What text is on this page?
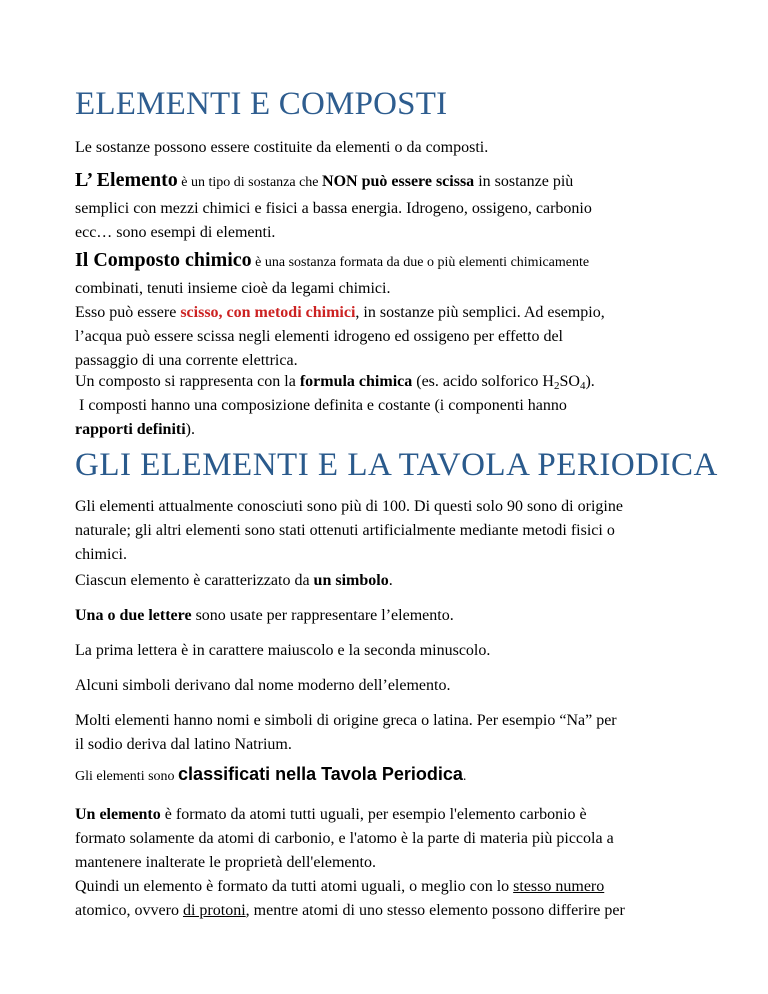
ELEMENTI E COMPOSTI

Le sostanze possono essere costituite da elementi o da composti.

L’ Elemento è un tipo di sostanza che NON può essere scissa in sostanze più
semplici con mezzi chimici e fisici a bassa energia. Idrogeno, ossigeno, carbonio
ecc… sono esempi di elementi.
Il Composto chimico è una sostanza formata da due o più elementi chimicamente
combinati, tenuti insieme cioè da legami chimici.
Esso può essere scisso, con metodi chimici, in sostanze più semplici. Ad esempio,
l’acqua può essere scissa negli elementi idrogeno ed ossigeno per effetto del
passaggio di una corrente elettrica.
Un composto si rappresenta con la formula chimica (es. acido solforico $H_2SO_4$).
I composti hanno una composizione definita e costante (i componenti hanno
rapporti definiti).
GLI ELEMENTI E LA TAVOLA PERIODICA
Gli elementi attualmente conosciuti sono più di 100. Di questi solo 90 sono di origine
naturale; gli altri elementi sono stati ottenuti artificialmente mediante metodi fisici o
chimici.

Ciascun elemento è caratterizzato da un simbolo.

Una o due lettere sono usate per rappresentare l’elemento.

La prima lettera è in carattere maiuscolo e la seconda minuscolo.

Alcuni simboli derivano dal nome moderno dell’elemento.

Molti elementi hanno nomi e simboli di origine greca o latina. Per esempio “Na” per
il sodio deriva dal latino Natrium.

Gli elementi sono classificati nella Tavola Periodica.

Un elemento è formato da atomi tutti uguali, per esempio l'elemento carbonio è
formato solamente da atomi di carbonio, e l'atomo è la parte di materia più piccola a
mantenere inalterate le proprietà dell'elemento.
Quindi un elemento è formato da tutti atomi uguali, o meglio con lo stesso numero
atomico, ovvero di protoni, mentre atomi di uno stesso elemento possono differire per
